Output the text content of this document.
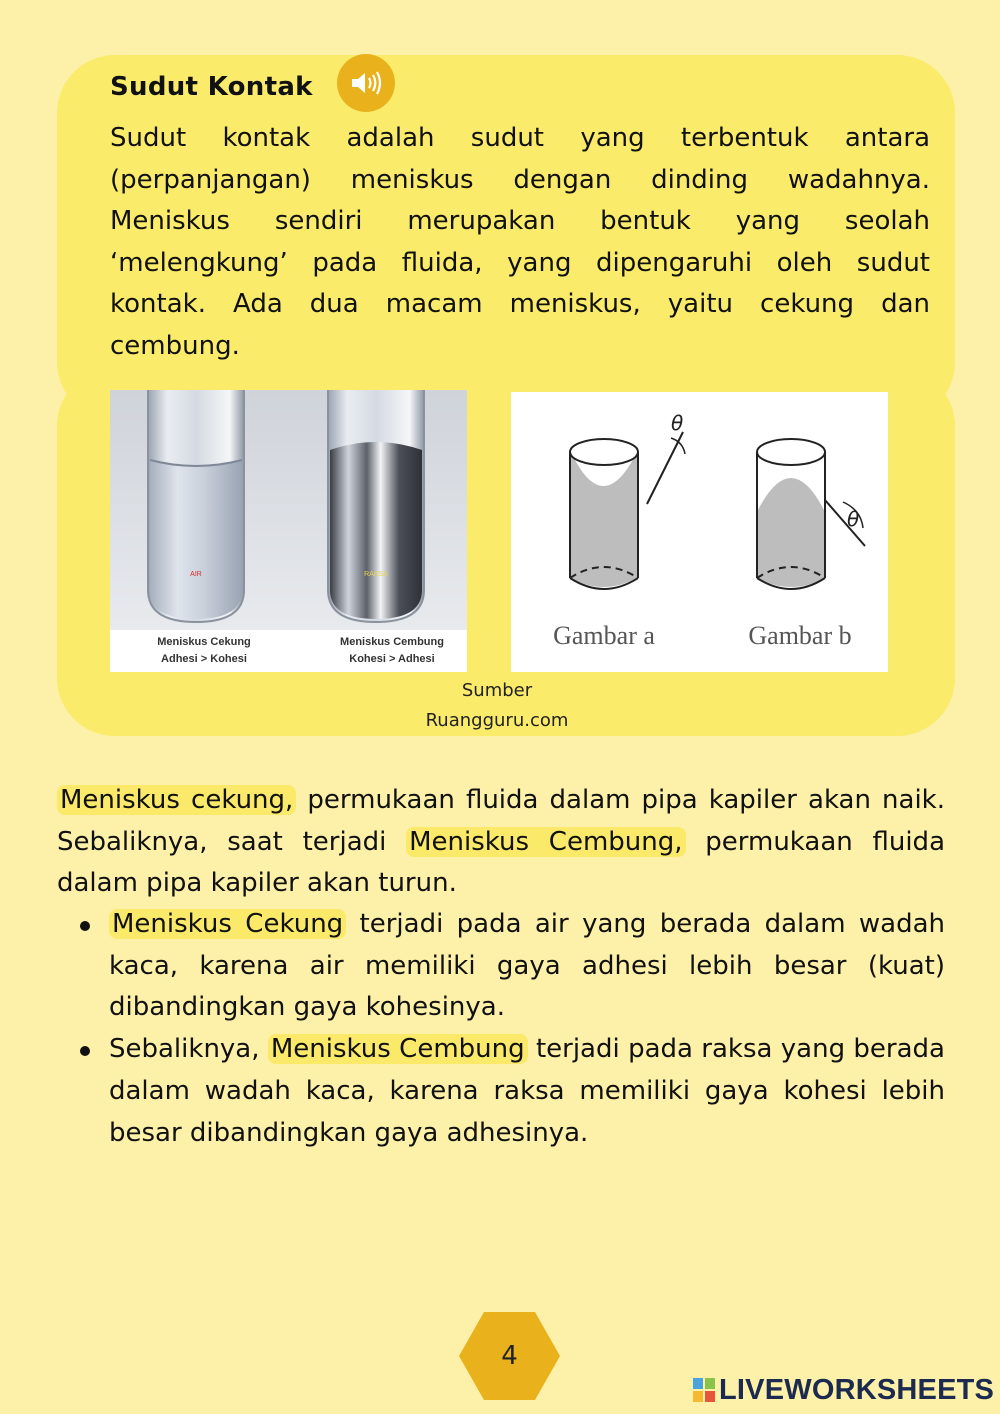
Sudut Kontak

Sudut kontak adalah sudut yang terbentuk antara (perpanjangan) meniskus dengan dinding wadahnya. Meniskus sendiri merupakan bentuk yang seolah ‘melengkung’ pada fluida, yang dipengaruhi oleh sudut kontak. Ada dua macam meniskus, yaitu cekung dan cembung.

AIR	RAKSA
Meniskus Cekung
Adhesi > Kohesi
Meniskus Cembung
Kohesi > Adhesi
θ
θ
Gambar a	Gambar b
Sumber
Ruangguru.com

Meniskus cekung, permukaan fluida dalam pipa kapiler akan naik. Sebaliknya, saat terjadi Meniskus Cembung, permukaan fluida dalam pipa kapiler akan turun.

Meniskus Cekung terjadi pada air yang berada dalam wadah kaca, karena air memiliki gaya adhesi lebih besar (kuat) dibandingkan gaya kohesinya.
Sebaliknya, Meniskus Cembung terjadi pada raksa yang berada dalam wadah kaca, karena raksa memiliki gaya kohesi lebih besar dibandingkan gaya adhesinya.
4
LIVEWORKSHEETS
